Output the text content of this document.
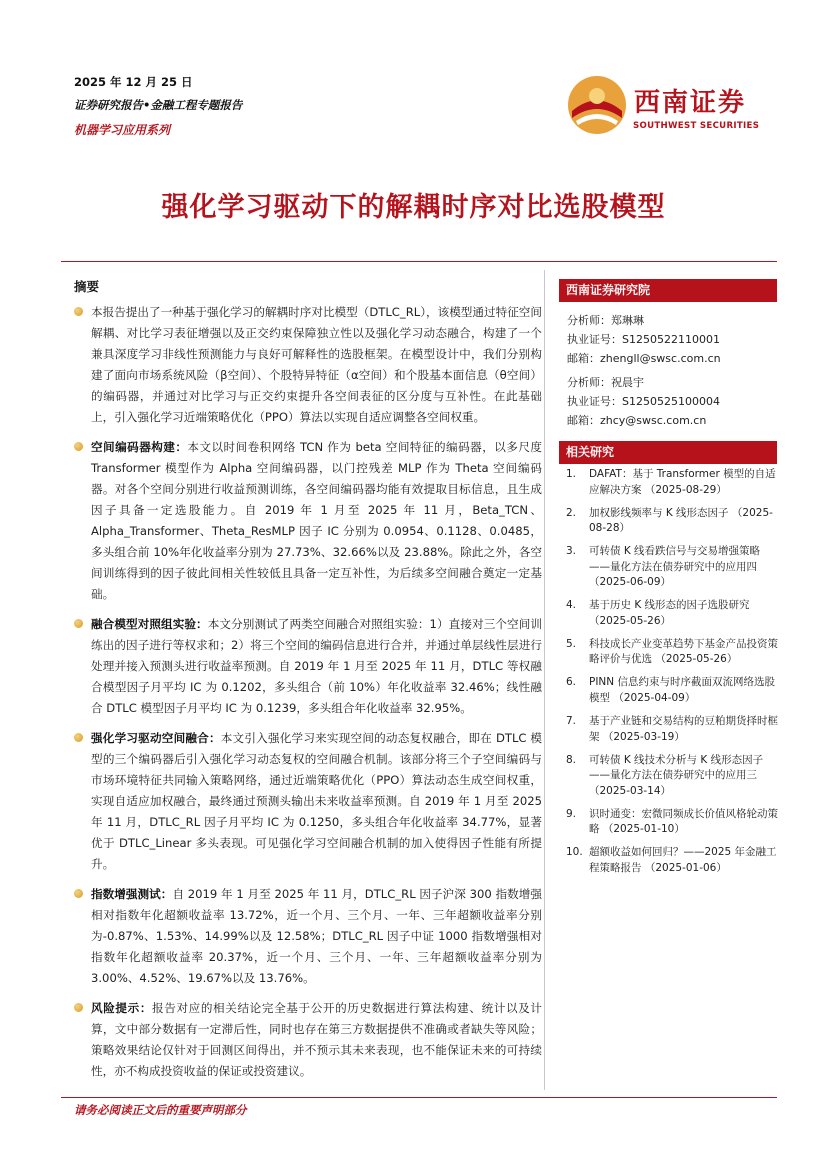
2025 年 12 月 25 日
证券研究报告•金融工程专题报告
机器学习应用系列
西南证券
SOUTHWEST SECURITIES
强化学习驱动下的解耦时序对比选股模型
摘要
本报告提出了一种基于强化学习的解耦时序对比模型（DTLC_RL），该模型通过特征空间解耦、对比学习表征增强以及正交约束保障独立性以及强化学习动态融合，构建了一个兼具深度学习非线性预测能力与良好可解释性的选股框架。在模型设计中，我们分别构建了面向市场系统风险（β空间）、个股特异特征（α空间）和个股基本面信息（θ空间）的编码器，并通过对比学习与正交约束提升各空间表征的区分度与互补性。在此基础上，引入强化学习近端策略优化（PPO）算法以实现自适应调整各空间权重。
空间编码器构建：本文以时间卷积网络 TCN 作为 beta 空间特征的编码器，以多尺度 Transformer 模型作为 Alpha 空间编码器，以门控残差 MLP 作为 Theta 空间编码器。对各个空间分别进行收益预测训练，各空间编码器均能有效提取目标信息，且生成因子具备一定选股能力。自 2019 年 1 月至 2025 年 11 月，Beta_TCN、Alpha_Transformer、Theta_ResMLP 因子 IC 分别为 0.0954、0.1128、0.0485，多头组合前 10%年化收益率分别为 27.73%、32.66%以及 23.88%。除此之外，各空间训练得到的因子彼此间相关性较低且具备一定互补性，为后续多空间融合奠定一定基础。
融合模型对照组实验：本文分别测试了两类空间融合对照组实验：1）直接对三个空间训练出的因子进行等权求和；2）将三个空间的编码信息进行合并，并通过单层线性层进行处理并接入预测头进行收益率预测。自 2019 年 1 月至 2025 年 11 月，DTLC 等权融合模型因子月平均 IC 为 0.1202，多头组合（前 10%）年化收益率 32.46%；线性融合 DTLC 模型因子月平均 IC 为 0.1239，多头组合年化收益率 32.95%。
强化学习驱动空间融合：本文引入强化学习来实现空间的动态复权融合，即在 DTLC 模型的三个编码器后引入强化学习动态复权的空间融合机制。该部分将三个子空间编码与市场环境特征共同输入策略网络，通过近端策略优化（PPO）算法动态生成空间权重，实现自适应加权融合，最终通过预测头输出未来收益率预测。自 2019 年 1 月至 2025 年 11 月，DTLC_RL 因子月平均 IC 为 0.1250，多头组合年化收益率 34.77%，显著优于 DTLC_Linear 多头表现。可见强化学习空间融合机制的加入使得因子性能有所提升。
指数增强测试：自 2019 年 1 月至 2025 年 11 月，DTLC_RL 因子沪深 300 指数增强相对指数年化超额收益率 13.72%，近一个月、三个月、一年、三年超额收益率分别为-0.87%、1.53%、14.99%以及 12.58%；DTLC_RL 因子中证 1000 指数增强相对指数年化超额收益率 20.37%，近一个月、三个月、一年、三年超额收益率分别为 3.00%、4.52%、19.67%以及 13.76%。
风险提示：报告对应的相关结论完全基于公开的历史数据进行算法构建、统计以及计算，文中部分数据有一定滞后性，同时也存在第三方数据提供不准确或者缺失等风险；策略效果结论仅针对于回测区间得出，并不预示其未来表现，也不能保证未来的可持续性，亦不构成投资收益的保证或投资建议。
西南证券研究院
分析师：郑琳琳
执业证号：S1250522110001
邮箱：zhengll@swsc.com.cn
分析师：祝晨宇
执业证号：S1250525100004
邮箱：zhcy@swsc.com.cn
相关研究
1. DAFAT：基于 Transformer 模型的自适应解决方案 （2025-08-29）
2. 加权影线频率与 K 线形态因子 （2025-08-28）
3. 可转债 K 线看跌信号与交易增强策略——量化方法在债券研究中的应用四 （2025-06-09）
4. 基于历史 K 线形态的因子选股研究 （2025-05-26）
5. 科技成长产业变革趋势下基金产品投资策略评价与优选 （2025-05-26）
6. PINN 信息约束与时序截面双流网络选股模型 （2025-04-09）
7. 基于产业链和交易结构的豆粕期货择时框架 （2025-03-19）
8. 可转债 K 线技术分析与 K 线形态因子——量化方法在债券研究中的应用三 （2025-03-14）
9. 识时通变：宏微同频成长价值风格轮动策略 （2025-01-10）
10. 超额收益如何回归？——2025 年金融工程策略报告 （2025-01-06）
请务必阅读正文后的重要声明部分
